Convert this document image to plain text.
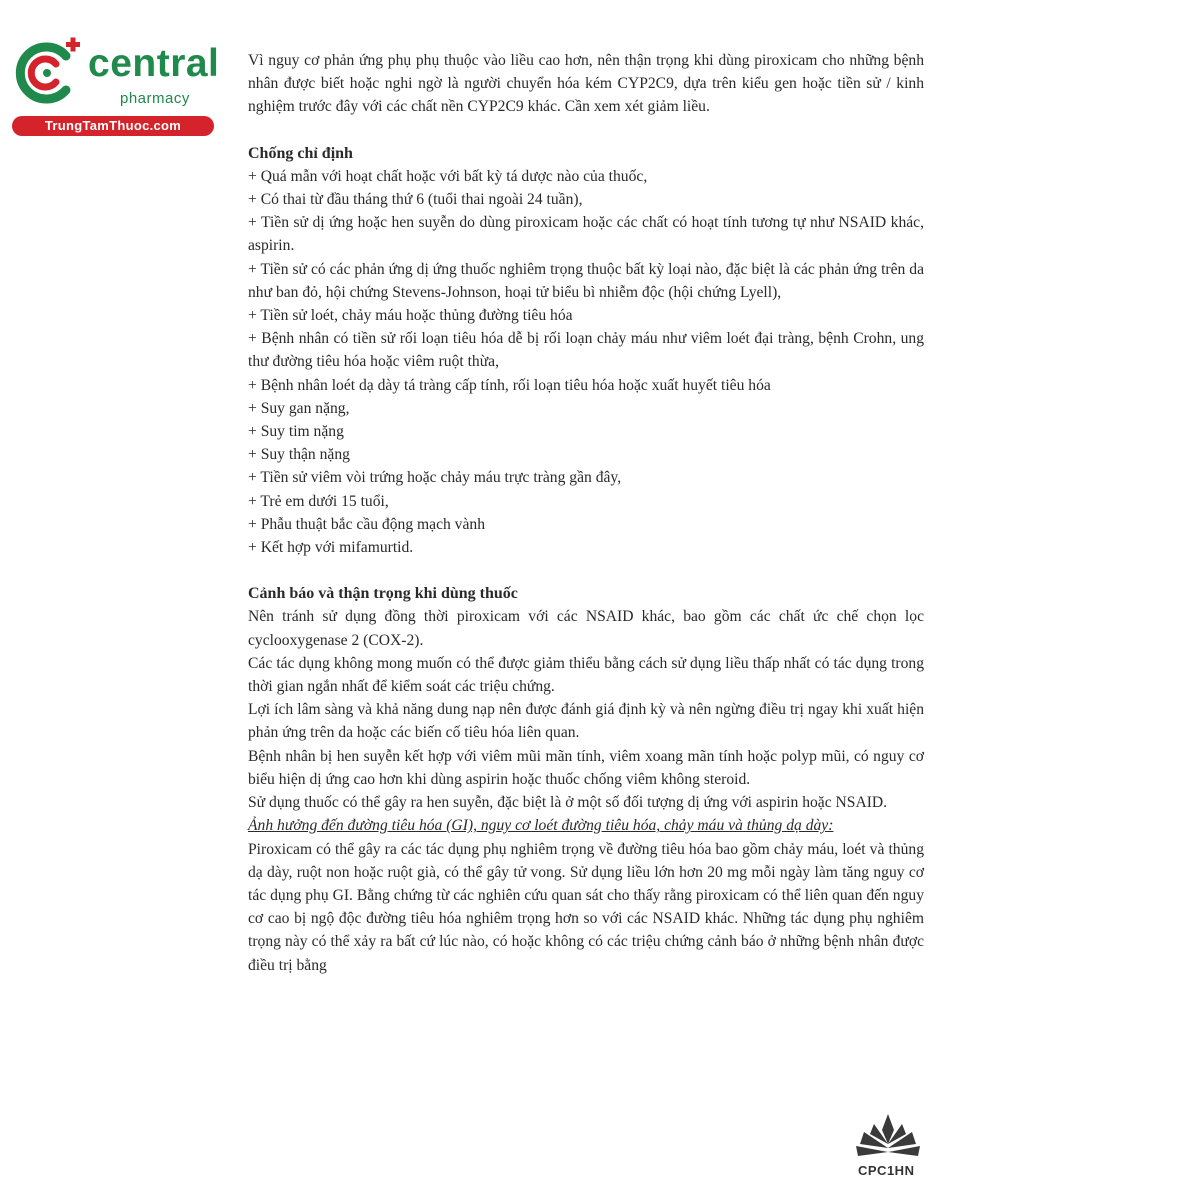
central
pharmacy
TrungTamThuoc.com

Vì nguy cơ phản ứng phụ phụ thuộc vào liều cao hơn, nên thận trọng khi dùng piroxicam cho những bệnh nhân được biết hoặc nghi ngờ là người chuyển hóa kém CYP2C9, dựa trên kiểu gen hoặc tiền sử / kinh nghiệm trước đây với các chất nền CYP2C9 khác. Cần xem xét giảm liều.

Chống chỉ định

+ Quá mẫn với hoạt chất hoặc với bất kỳ tá dược nào của thuốc,

+ Có thai từ đầu tháng thứ 6 (tuổi thai ngoài 24 tuần),

+ Tiền sử dị ứng hoặc hen suyễn do dùng piroxicam hoặc các chất có hoạt tính tương tự như NSAID khác, aspirin.

+ Tiền sử có các phản ứng dị ứng thuốc nghiêm trọng thuộc bất kỳ loại nào, đặc biệt là các phản ứng trên da như ban đỏ, hội chứng Stevens-Johnson, hoại tử biểu bì nhiễm độc (hội chứng Lyell),

+ Tiền sử loét, chảy máu hoặc thủng đường tiêu hóa

+ Bệnh nhân có tiền sử rối loạn tiêu hóa dễ bị rối loạn chảy máu như viêm loét đại tràng, bệnh Crohn, ung thư đường tiêu hóa hoặc viêm ruột thừa,

+ Bệnh nhân loét dạ dày tá tràng cấp tính, rối loạn tiêu hóa hoặc xuất huyết tiêu hóa

+ Suy gan nặng,

+ Suy tim nặng

+ Suy thận nặng

+ Tiền sử viêm vòi trứng hoặc chảy máu trực tràng gần đây,

+ Trẻ em dưới 15 tuổi,

+ Phẫu thuật bắc cầu động mạch vành

+ Kết hợp với mifamurtid.

Cảnh báo và thận trọng khi dùng thuốc

Nên tránh sử dụng đồng thời piroxicam với các NSAID khác, bao gồm các chất ức chế chọn lọc cyclooxygenase 2 (COX-2).

Các tác dụng không mong muốn có thể được giảm thiểu bằng cách sử dụng liều thấp nhất có tác dụng trong thời gian ngắn nhất để kiểm soát các triệu chứng.

Lợi ích lâm sàng và khả năng dung nạp nên được đánh giá định kỳ và nên ngừng điều trị ngay khi xuất hiện phản ứng trên da hoặc các biến cố tiêu hóa liên quan.

Bệnh nhân bị hen suyễn kết hợp với viêm mũi mãn tính, viêm xoang mãn tính hoặc polyp mũi, có nguy cơ biểu hiện dị ứng cao hơn khi dùng aspirin hoặc thuốc chống viêm không steroid.

Sử dụng thuốc có thể gây ra hen suyễn, đặc biệt là ở một số đối tượng dị ứng với aspirin hoặc NSAID.

Ảnh hưởng đến đường tiêu hóa (GI), nguy cơ loét đường tiêu hóa, chảy máu và thủng dạ dày:

Piroxicam có thể gây ra các tác dụng phụ nghiêm trọng về đường tiêu hóa bao gồm chảy máu, loét và thủng dạ dày, ruột non hoặc ruột già, có thể gây tử vong. Sử dụng liều lớn hơn 20 mg mỗi ngày làm tăng nguy cơ tác dụng phụ GI. Bằng chứng từ các nghiên cứu quan sát cho thấy rằng piroxicam có thể liên quan đến nguy cơ cao bị ngộ độc đường tiêu hóa nghiêm trọng hơn so với các NSAID khác. Những tác dụng phụ nghiêm trọng này có thể xảy ra bất cứ lúc nào, có hoặc không có các triệu chứng cảnh báo ở những bệnh nhân được điều trị bằng

CPC1HN
